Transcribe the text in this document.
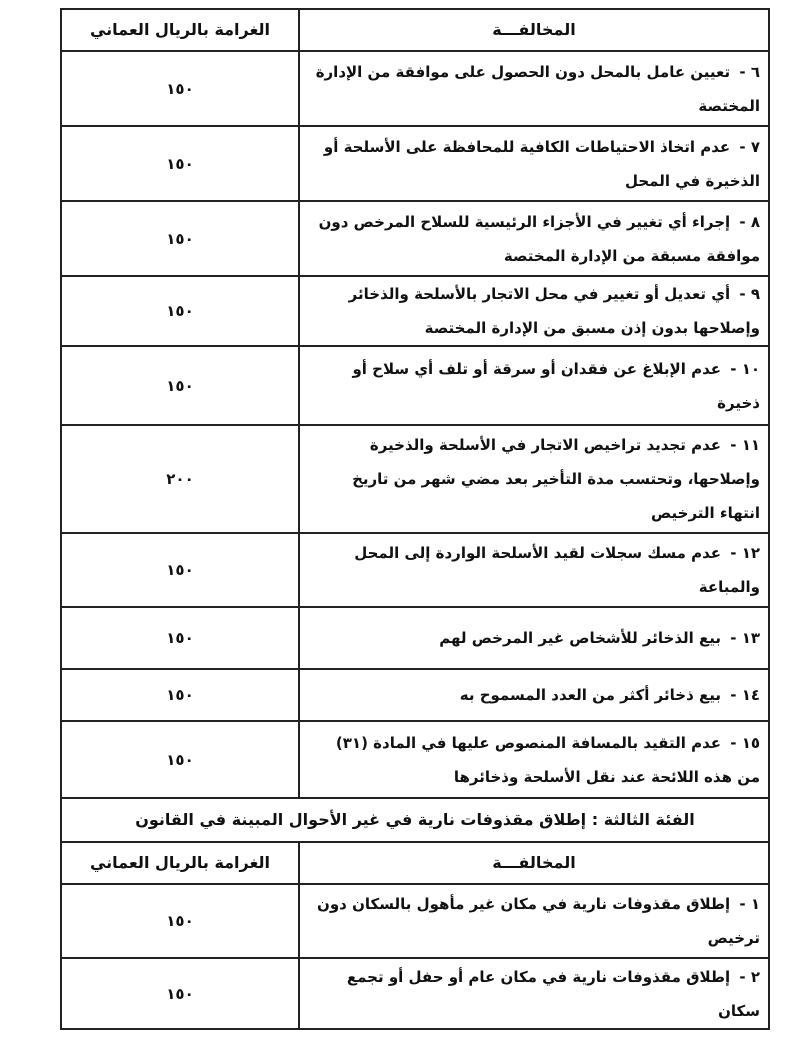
المخالفـــة	الغرامة بالريال العماني
٦ - تعيين عامل بالمحل دون الحصول على موافقة من الإدارة المختصة	١٥٠
٧ - عدم اتخاذ الاحتياطات الكافية للمحافظة على الأسلحة أو الذخيرة في المحل	١٥٠
٨ - إجراء أي تغيير في الأجزاء الرئيسية للسلاح المرخص دون موافقة مسبقة من الإدارة المختصة	١٥٠
٩ - أي تعديل أو تغيير في محل الاتجار بالأسلحة والذخائر وإصلاحها بدون إذن مسبق من الإدارة المختصة	١٥٠
١٠ - عدم الإبلاغ عن فقدان أو سرقة أو تلف أي سلاح أو ذخيرة	١٥٠
١١ - عدم تجديد تراخيص الاتجار في الأسلحة والذخيرة وإصلاحها، وتحتسب مدة التأخير بعد مضي شهر من تاريخ انتهاء الترخيص	٢٠٠
١٢ - عدم مسك سجلات لقيد الأسلحة الواردة إلى المحل والمباعة	١٥٠
١٣ - بيع الذخائر للأشخاص غير المرخص لهم	١٥٠
١٤ - بيع ذخائر أكثر من العدد المسموح به	١٥٠
١٥ - عدم التقيد بالمسافة المنصوص عليها في المادة (٣١) من هذه اللائحة عند نقل الأسلحة وذخائرها	١٥٠
الفئة الثالثة : إطلاق مقذوفات نارية في غير الأحوال المبينة في القانون	
المخالفـــة	الغرامة بالريال العماني
١ - إطلاق مقذوفات نارية في مكان غير مأهول بالسكان دون ترخيص	١٥٠
٢ - إطلاق مقذوفات نارية في مكان عام أو حفل أو تجمع سكان	١٥٠
